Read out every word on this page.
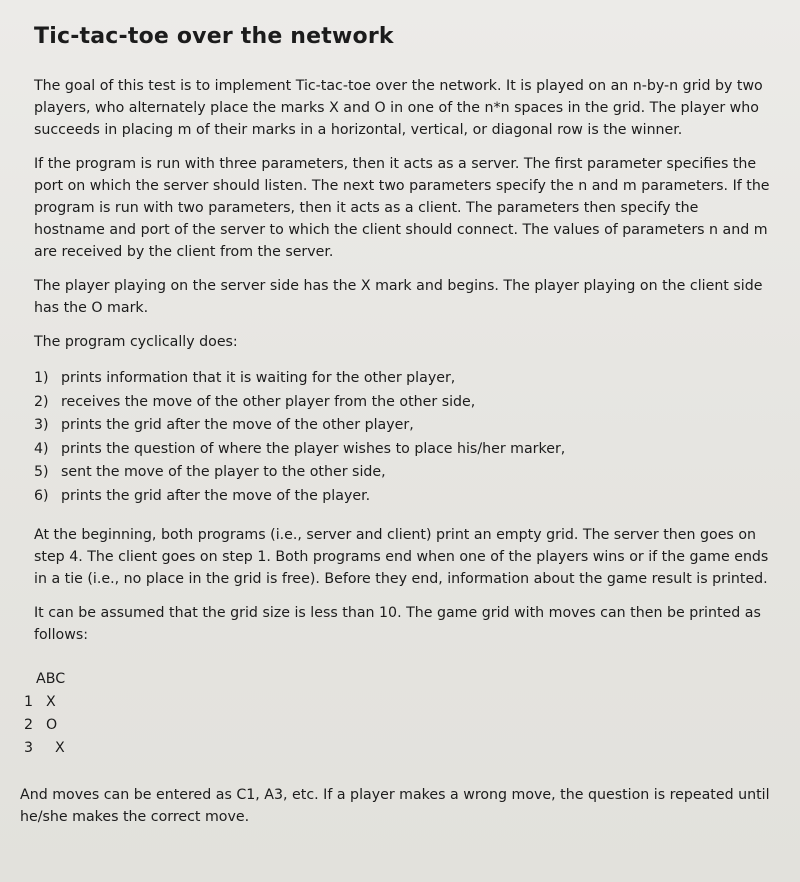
Tic-tac-toe over the network

The goal of this test is to implement Tic-tac-toe over the network. It is played on an n-by-n grid by two players, who alternately place the marks X and O in one of the n*n spaces in the grid. The player who succeeds in placing m of their marks in a horizontal, vertical, or diagonal row is the winner.

If the program is run with three parameters, then it acts as a server. The first parameter specifies the port on which the server should listen. The next two parameters specify the n and m parameters. If the program is run with two parameters, then it acts as a client. The parameters then specify the hostname and port of the server to which the client should connect. The values of parameters n and m are received by the client from the server.

The player playing on the server side has the X mark and begins. The player playing on the client side has the O mark.

The program cyclically does:

1) prints information that it is waiting for the other player,
2) receives the move of the other player from the other side,
3) prints the grid after the move of the other player,
4) prints the question of where the player wishes to place his/her marker,
5) sent the move of the player to the other side,
6) prints the grid after the move of the player.

At the beginning, both programs (i.e., server and client) print an empty grid. The server then goes on step 4. The client goes on step 1. Both programs end when one of the players wins or if the game ends in a tie (i.e., no place in the grid is free). Before they end, information about the game result is printed.

It can be assumed that the grid size is less than 10. The game grid with moves can then be printed as follows:

ABC
1 X
2 O
3 X

And moves can be entered as C1, A3, etc. If a player makes a wrong move, the question is repeated until he/she makes the correct move.
